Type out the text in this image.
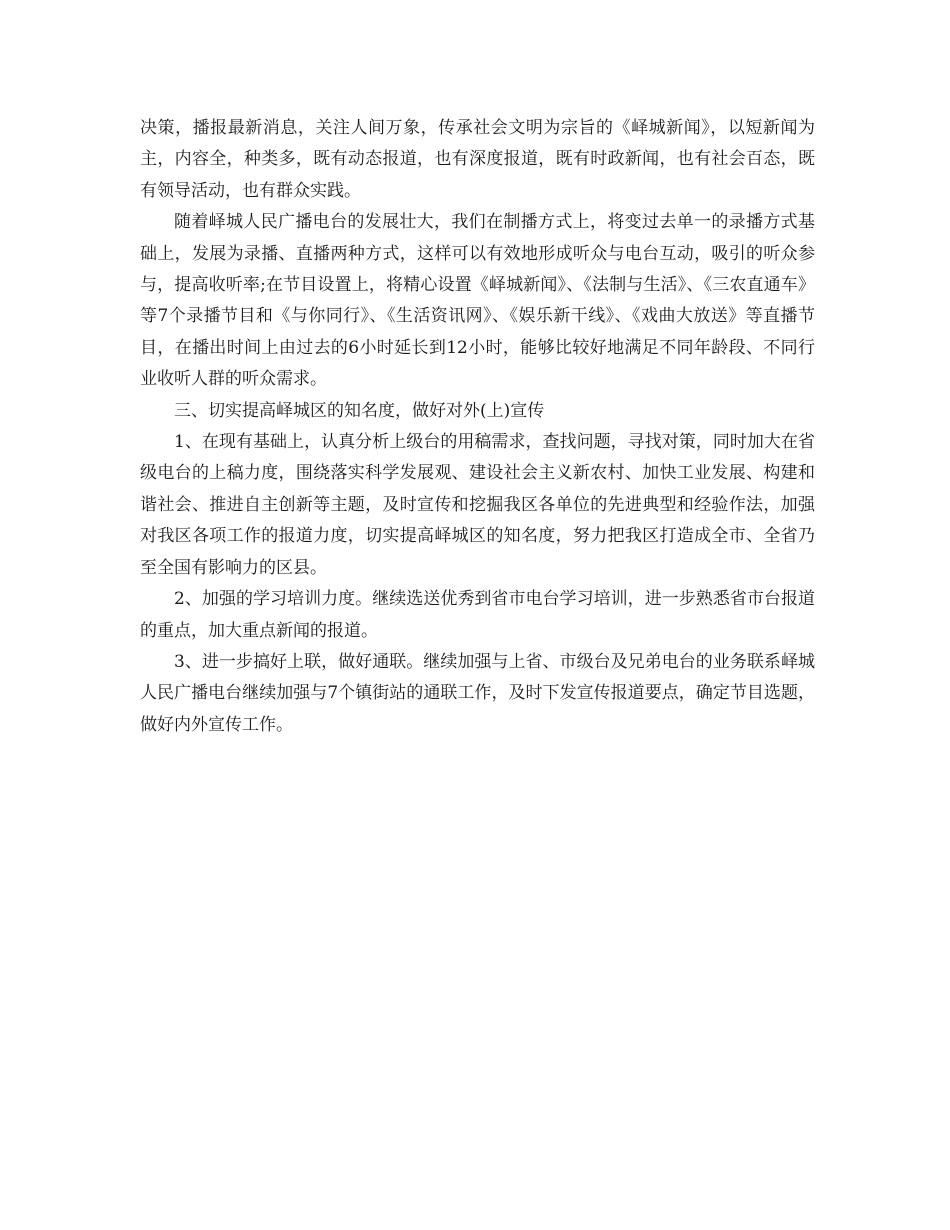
决策，播报最新消息，关注人间万象，传承社会文明为宗旨的《峄城新闻》，以短新闻为主，内容全，种类多，既有动态报道，也有深度报道，既有时政新闻，也有社会百态，既有领导活动，也有群众实践。

随着峄城人民广播电台的发展壮大，我们在制播方式上，将变过去单一的录播方式基础上，发展为录播、直播两种方式，这样可以有效地形成听众与电台互动，吸引的听众参与，提高收听率;在节目设置上，将精心设置《峄城新闻》、《法制与生活》、《三农直通车》等7个录播节目和《与你同行》、《生活资讯网》、《娱乐新干线》、《戏曲大放送》等直播节目，在播出时间上由过去的6小时延长到12小时，能够比较好地满足不同年龄段、不同行业收听人群的听众需求。

三、切实提高峄城区的知名度，做好对外(上)宣传

1、在现有基础上，认真分析上级台的用稿需求，查找问题，寻找对策，同时加大在省级电台的上稿力度，围绕落实科学发展观、建设社会主义新农村、加快工业发展、构建和谐社会、推进自主创新等主题，及时宣传和挖掘我区各单位的先进典型和经验作法，加强对我区各项工作的报道力度，切实提高峄城区的知名度，努力把我区打造成全市、全省乃至全国有影响力的区县。

2、加强的学习培训力度。继续选送优秀到省市电台学习培训，进一步熟悉省市台报道的重点，加大重点新闻的报道。

3、进一步搞好上联，做好通联。继续加强与上省、市级台及兄弟电台的业务联系峄城人民广播电台继续加强与7个镇街站的通联工作，及时下发宣传报道要点，确定节目选题，做好内外宣传工作。
